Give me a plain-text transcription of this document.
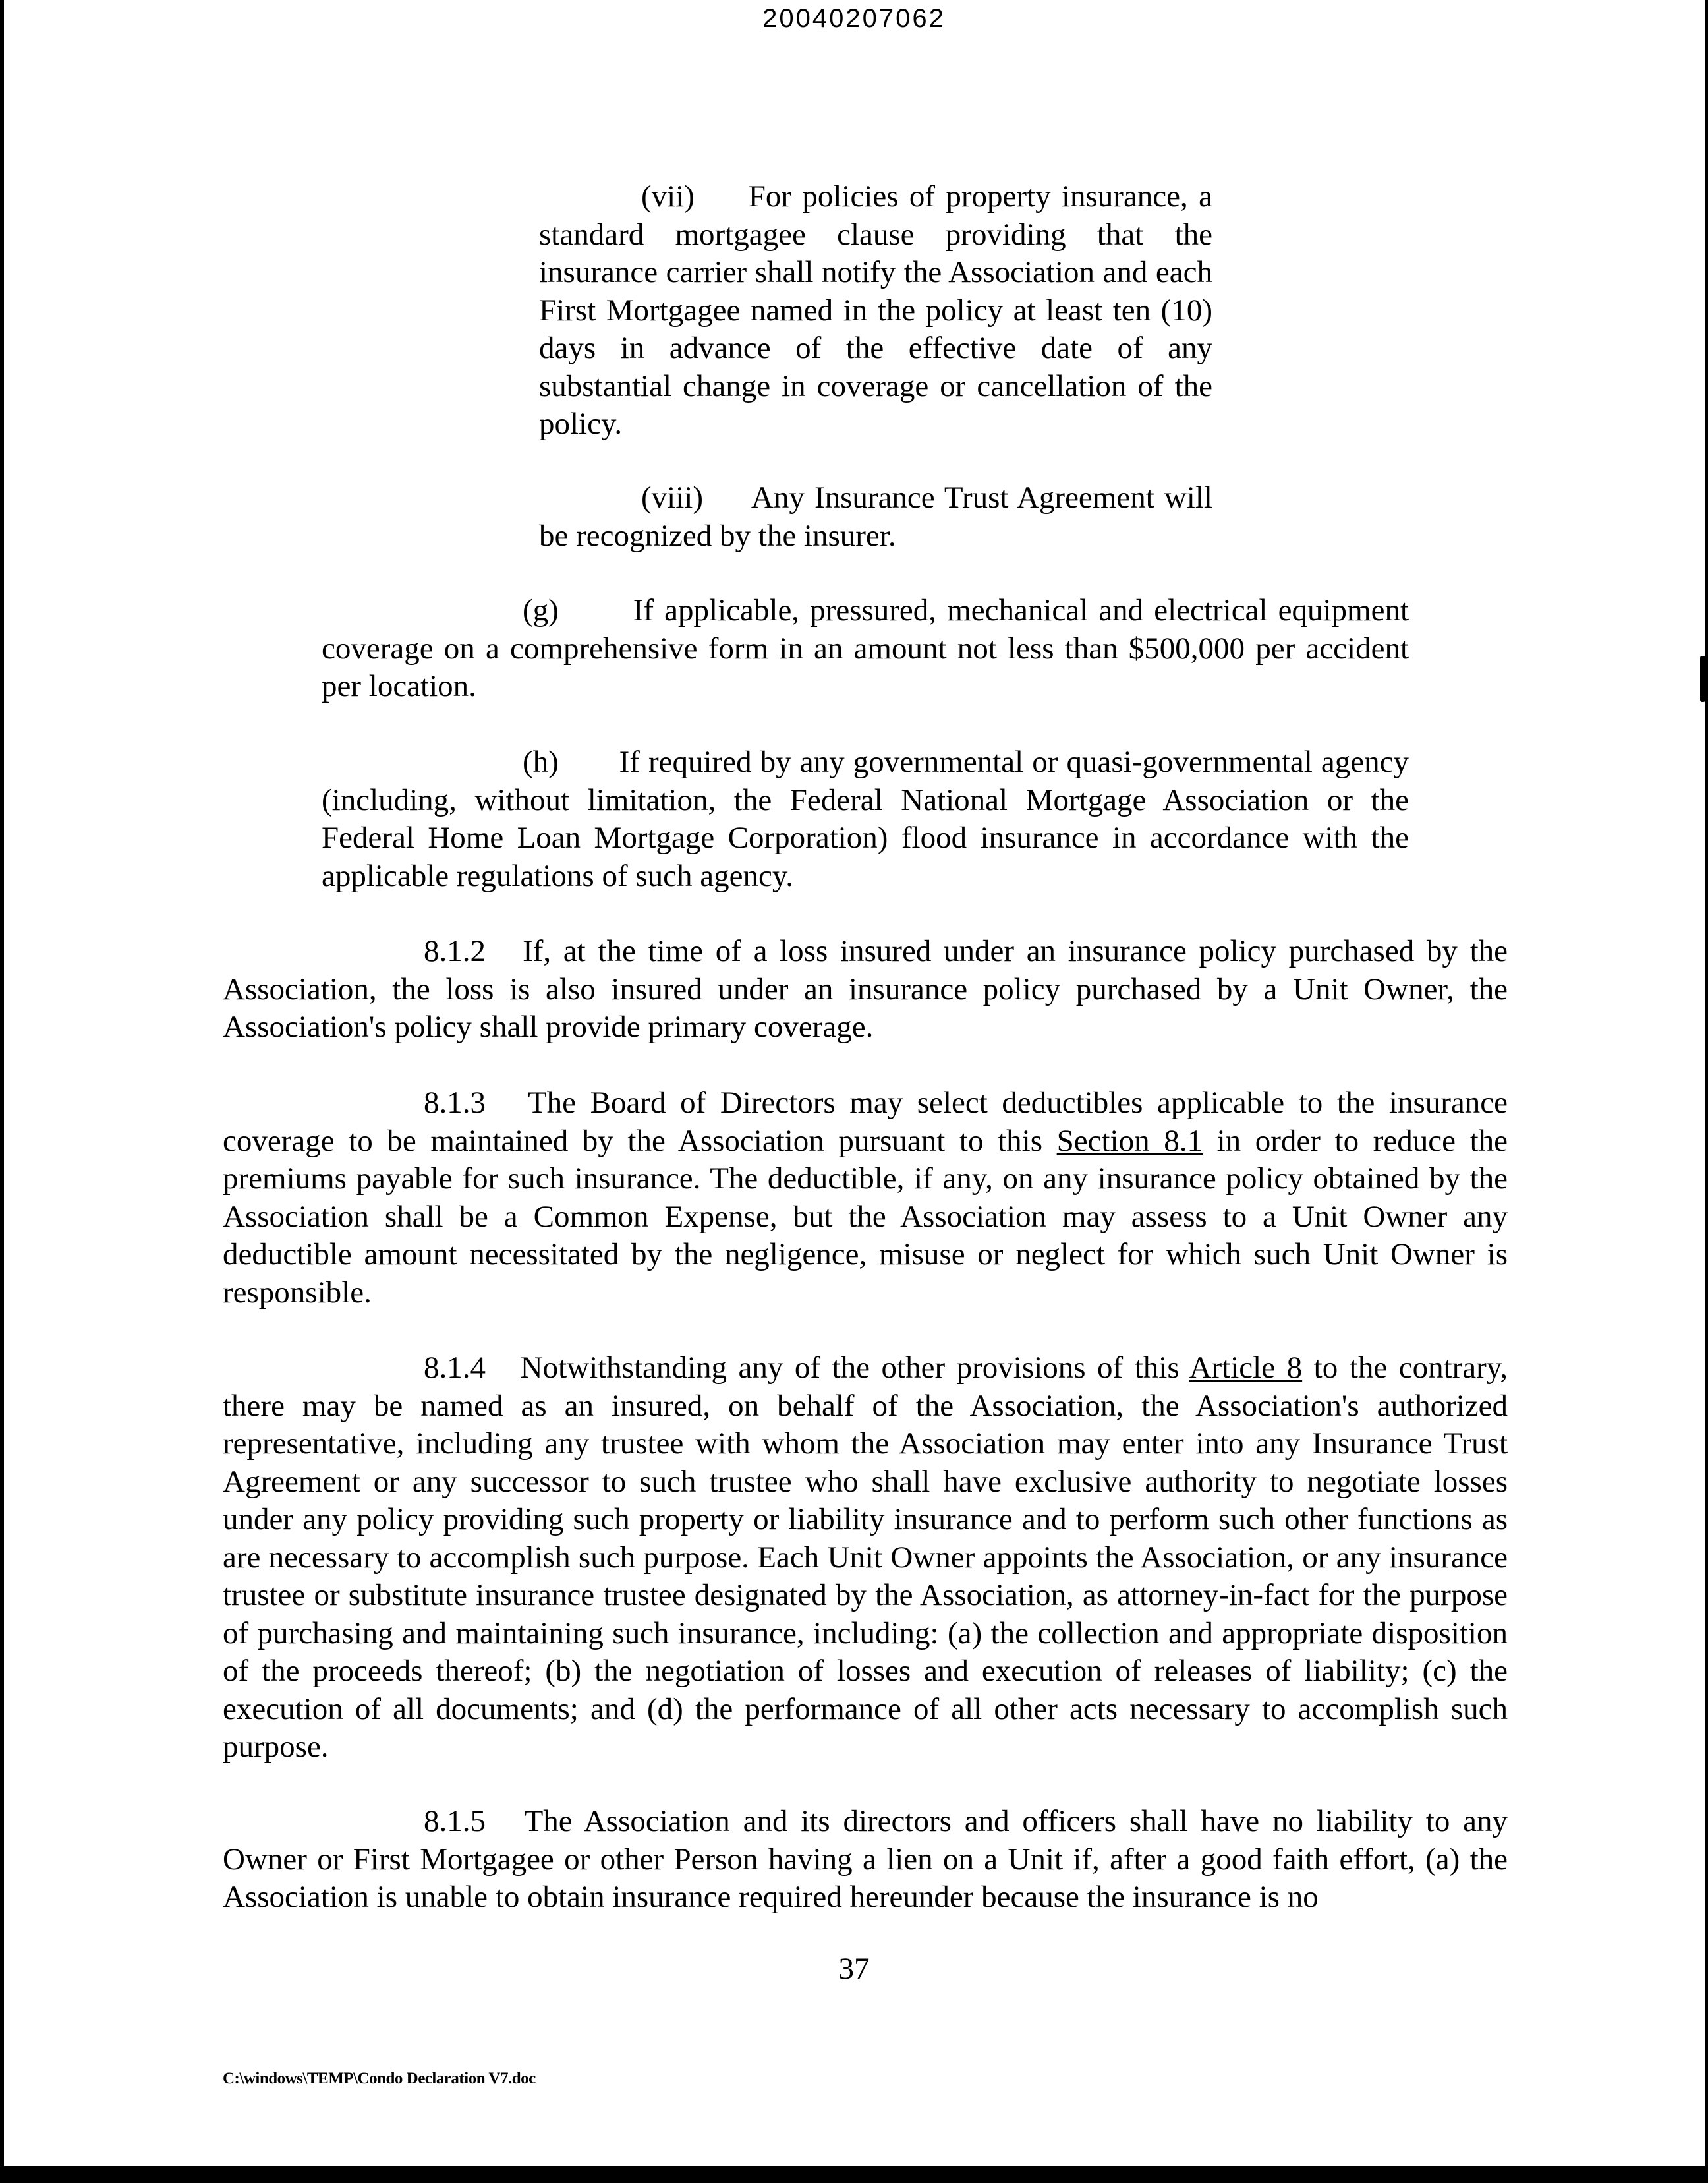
20040207062

(vii) For policies of property insurance, a standard mortgagee clause providing that the insurance carrier shall notify the Association and each First Mortgagee named in the policy at least ten (10) days in advance of the effective date of any substantial change in coverage or cancellation of the policy.

(viii) Any Insurance Trust Agreement will be recognized by the insurer.

(g) If applicable, pressured, mechanical and electrical equipment coverage on a comprehensive form in an amount not less than $500,000 per accident per location.

(h) If required by any governmental or quasi-governmental agency (including, without limitation, the Federal National Mortgage Association or the Federal Home Loan Mortgage Corporation) flood insurance in accordance with the applicable regulations of such agency.

8.1.2 If, at the time of a loss insured under an insurance policy purchased by the Association, the loss is also insured under an insurance policy purchased by a Unit Owner, the Association's policy shall provide primary coverage.

8.1.3 The Board of Directors may select deductibles applicable to the insurance coverage to be maintained by the Association pursuant to this Section 8.1 in order to reduce the premiums payable for such insurance. The deductible, if any, on any insurance policy obtained by the Association shall be a Common Expense, but the Association may assess to a Unit Owner any deductible amount necessitated by the negligence, misuse or neglect for which such Unit Owner is responsible.

8.1.4 Notwithstanding any of the other provisions of this Article 8 to the contrary, there may be named as an insured, on behalf of the Association, the Association's authorized representative, including any trustee with whom the Association may enter into any Insurance Trust Agreement or any successor to such trustee who shall have exclusive authority to negotiate losses under any policy providing such property or liability insurance and to perform such other functions as are necessary to accomplish such purpose. Each Unit Owner appoints the Association, or any insurance trustee or substitute insurance trustee designated by the Association, as attorney-in-fact for the purpose of purchasing and maintaining such insurance, including: (a) the collection and appropriate disposition of the proceeds thereof; (b) the negotiation of losses and execution of releases of liability; (c) the execution of all documents; and (d) the performance of all other acts necessary to accomplish such purpose.

8.1.5 The Association and its directors and officers shall have no liability to any Owner or First Mortgagee or other Person having a lien on a Unit if, after a good faith effort, (a) the Association is unable to obtain insurance required hereunder because the insurance is no

37
C:\windows\TEMP\Condo Declaration V7.doc
